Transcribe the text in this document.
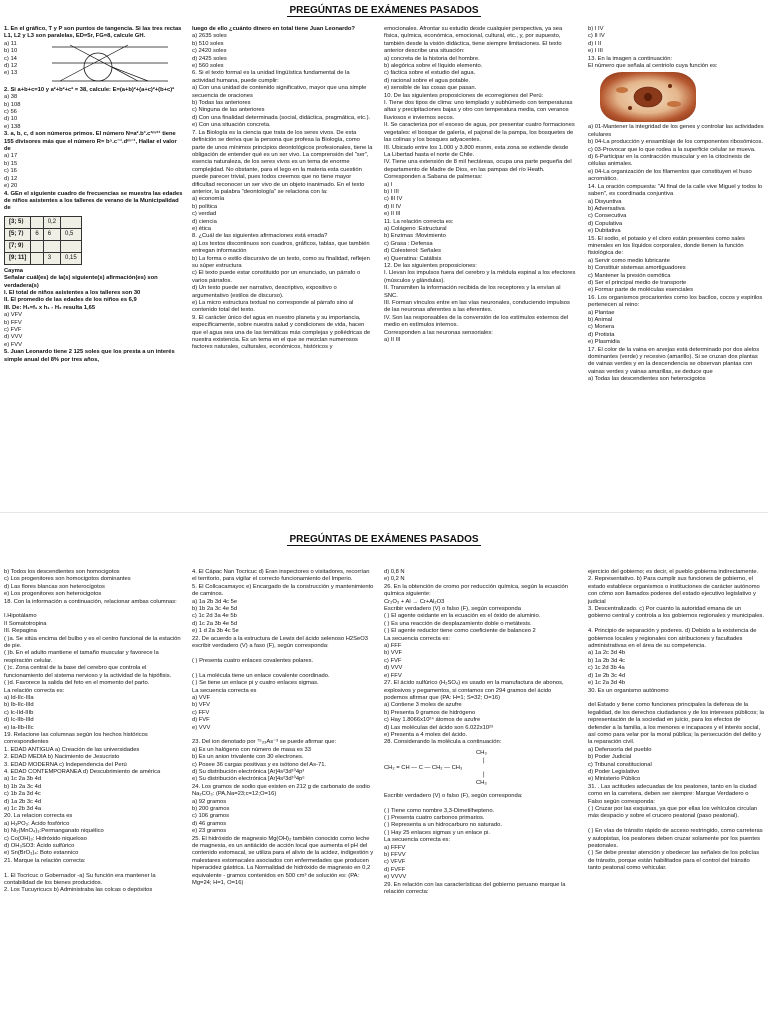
PREGÚNTAS DE EXÁMENES PASADOS

1. En el gráfico, T y P son puntos de tangencia. Si las tres rectas L1, L2 y L3 son paralelas, ED=5r, FG=8, calcule GH.

a) 11

b) 10

c) 14

d) 12

e) 13

2. Si a+b+c=10 y a²+b²+c² = 38, calcule: E=(a+b)²+(a+c)²+(b+c)²

a) 38

b) 108

c) 56

d) 10

e) 138

3. a, b, c, d son números primos. El número N=a².b³.c³ᵐ⁺¹ tiene 155 divisores más que el número R= b⁵.c⁻¹.dᵐ⁻¹, Hallar el valor de

a) 17

b) 15

c) 16

d) 12

e) 20

4. GEn el siguiente cuadro de frecuencias se muestra las edades de niños asistentes a los talleres de verano de la Municipalidad de

[3; 5⟩		0,2	
[5; 7⟩	6	6	0,5
[7; 9⟩			
[9; 11]		3	0,15

Cayma

Señalar cuál(es) de la(s) siguiente(s) afirmación(es) son verdadera(s)

I. El total de niños asistentes a los talleres son 30

II. El promedio de las edades de los niños es 6,9

III. De: H₁=f₁ x h₁ - H₂ resulta 1,65

a) VFV

b) FFV

c) FVF

d) VVV

e) FVV

5. Juan Leonardo tiene 2 125 soles que los presta a un interés simple anual del 8% por tres años,

luego de ello ¿cuánto dinero en total tiene Juan Leonardo?

a) 2635 soles

b) 510 soles

c) 2420 soles

d) 2425 soles

e) 560 soles

6. Si el texto formal es la unidad lingüística fundamental de la actividad humana, puede cumplir:

a) Con una unidad de contenido significativo, mayor que una simple secuencia de oraciones

b) Todas las anteriores

c) Ninguna de las anteriores

d) Con una finalidad determinada (social, didáctica, pragmática, etc.).

e) Con una situación concreta.

7. La Biología es la ciencia que trata de los seres vivos. De esta definición se deriva que la persona que profesa la Biología, como parte de unos mínimos principios deontológicos profesionales, tiene la obligación de entender qué es un ser vivo. La comprensión del "ser", esencia naturaleza, de los seres vivos es un tema de enorme complejidad. No obstante, para el lego en la materia esta cuestión puede parecer trivial, pues todos creemos que no tiene mayor dificultad reconocer un ser vivo de un objeto inanimado. En el texto anterior, la palabra "deontología" se relaciona con la:

a) economía

b) política

c) verdad

d) ciencia

e) ética

8. ¿Cuál de las siguientes afirmaciones está errada?

a) Los textos discontinuos son cuadros, gráficos, tablas, que también entregan información

b) La forma o estilo discursivo de un texto, como su finalidad, reflejen su súper estructura

c) El texto puede estar constituido por un enunciado, un párrafo o varios párrafos.

d) Un texto puede ser narrativo, descriptivo, expositivo o argumentativo (estilos de discurso).

e) La micro estructura textual no corresponde al párrafo sino al contenido total del texto.

9. El carácter único del agua en nuestro planeta y su importancia, específicamente, sobre nuestra salud y condiciones de vida, hacen que el agua sea una de las temáticas más complejas y poliédricas de nuestra existencia. Es un tema en el que se mezclan numerosos factores naturales, culturales, económicos, históricos y

emocionales. Afrontar su estudio desde cualquier perspectiva, ya sea física, química, económica, emocional, cultural, etc., y, por supuesto, también desde la visión didáctica, tiene siempre limitaciones. El texto anterior describe una situación:

a) concreta de la historia del hombre.

b) alegórica sobre el líquido elemento.

c) fáctica sobre el estudio del agua.

d) racional sobre el agua potable.

e) sensible de las cosas que pasan.

10. De las siguientes proposiciones de ecorregiones del Perú:

I. Tiene dos tipos de clima: uno templado y subhúmedo con temperaturas altas y precipitaciones bajas y otro con temperatura media, con veranos lluviosos e inviernos secos.

II. Se caracteriza por el exceso de agua, por presentar cuatro formaciones vegetales: el bosque de galería, el pajonal de la pampa, los bosquetes de las colinas y los bosques adyacentes.

III. Ubicado entre los 1.000 y 3.800 msnm, esta zona se extiende desde La Libertad hasta el norte de Chile.

IV. Tiene una extensión de 8 mil hectáreas, ocupa una parte pequeña del departamento de Madre de Dios, en las pampas del río Heath.

Corresponden a Sabana de palmeras:

a) I

b) I III

c) III IV

d) II IV

e) II III

11. La relación correcta es:

a) Colágeno :Estructural

b) Enzimas :Movimiento

c) Grasa : Defensa

d) Colesterol: Señales

e) Queratina: Catálisis

12. De las siguientes proposiciones:

I. Llevan los impulsos fuera del cerebro y la médula espinal a los efectores (músculos y glándulas).

II. Transmiten la información recibida de los receptores y la envían al SNC.

III. Forman vínculos entre en las vías neuronales, conduciendo impulsos de las neuronas aferentes a las eferentes.

IV. Son las responsables de la conversión de los estímulos externos del medio en estímulos internos.

Corresponden a las neuronas sensoriales:

a) II III

b) I IV

c) II IV

d) I II

e) I III

13. En la imagen a continuación:

El número que señala al centriolo cuya función es:

a) 01-Mantener la integridad de los genes y controlar las actividades celulares

b) 04-La producción y ensamblaje de los componentes ribosómicos.

c) 03-Provocar que lo que rodea a la superficie celular se mueva.

d) 6-Participar en la contracción muscular y en la citocinesis de células animales.

e) 04-La organización de los filamentos que constituyen el huso acromático.

14. La oración compuesta: "Al final de la calle vive Miguel y todos lo saben", es coordinada conjuntiva

a) Disyuntiva

b) Adversativa

c) Consecutiva

d) Copulativa

e) Dubitativa

15. El sodio, el potasio y el cloro están presentes como sales minerales en los líquidos corporales, donde tienen la función fisiológica de:

a) Servir como medio lubricante

b) Constituir sistemas amortiguadores

c) Mantener la presión osmótica

d) Ser el principal medio de transporte

e) Formar parte de moléculas esenciales

16. Los organismos procariontes como los bacilos, cocos y espirilos pertenecen al reino:

a) Plantae

b) Animal

c) Monera

d) Protista

e) Plasmidia

17. El color de la vaina en arvejas está determinado por dos alelos dominantes (verde) y recesivo (amarillo). Si se cruzan dos plantas de vainas verdes y en la descendencia se observan plantas con vainas verdes y vainas amarillas, se deduce que

a) Todas las descendientes son heterocigotos

PREGÚNTAS DE EXÁMENES PASADOS

b) Todos los descendientes son homocigotos

c) Los progenitores son homocigotos dominantes

d) Las flores blancas son heterocigotos

e) Los progenitores son heterocigotos

18. Con la información a continuación, relacionar ambas columnas:

I.Hipotálamo

II Somatotropina

III. Repagina

( )a. Se sitúa encima del bulbo y es el centro funcional de la estación de pie.

( )b. En el adulto mantiene el tamaño muscular y favorece la respiración celular.

( )c. Zona central de la base del cerebro que controla el funcionamiento del sistema nervioso y la actividad de la hipófisis.

( )d. Favorece la salida del feto en el momento del parto.

La relación correcta es:

a) Id-IIc-IIIa

b) Ib-IIc-IIId

c) Ic-IId-IIIb

d) Ic-IIb-IIId

e) Ia-IIb-IIIc

19. Relacione las columnas según los hechos históricos correspondientes

1. EDAD ANTIGUA a) Creación de las universidades

2. EDAD MEDIA b) Nacimiento de Jesucristo

3. EDAD MODERNA c) Independencia del Perú

4. EDAD CONTEMPORANEA d) Descubrimiento de américa

a) 1c 2a 3b 4d

b) 1b 2a 3c 4d

c) 1b 2a 3d 4c

d) 1a 2b 3c 4d

e) 1c 2b 3d 4a

20. La relacion correcta es

a) H₃PO₃: Ácido fosfórico

b) Ni₂(MnO₄)₃:Permanganato niquélico

c) Co(OH)₃: Hidróxido niqueloso

d) OH₃SO3: Ácido sulfúrico

e) Sn(BrO₃)₄: Boto estannico

21. Marque la relación correcta:

1. El Tocricuc o Gobernador -a) Su función era mantener la contabilidad de los bienes producidos.

2. Los Tucuyricucs b) Administraba las colcas o depósitos

4. El Cápac Ñan Tocricuc d) Eran inspectores o visitadores, recorrían el territorio, para vigilar el correcto funcionamiento del Imperio.

5. El Collcacamayoc e) Encargado de la construcción y mantenimiento de caminos.

a) 1a 2b 3d 4c 5e

b) 1b 2a 3c 4e 5d

c) 1c 2d 3a 4e 5b

d) 1c 2a 3b 4e 5d

e) 1 d 2a 3b 4c 5e

22. De acuerdo a la estructura de Lewis del ácido selenoso H2SeO3 escribir verdadero (V) a faso (F), según corresponda:

( ) Presenta cuatro enlaces covalentes polares.

( ) La molécula tiene un enlace covalente coordinado.

( ) Se tiene un enlace pi y cuatro enlaces sigmas.

La secuencia correcta es

a) VVF

b) VFV

c) FFV

d) FVF

e) VVV

23. Del ion denotado por ⁷⁵₃₃As⁻³ se puede afirmar que:

a) Es un halógeno con número de masa es 33

b) Es un anion trivalente con 30 electrones.

c) Posee 36 cargas positivas y es isótono del As-71.

d) Su distribución electrónica [Ar]4s²3d¹⁰4p³

e) Su distribución electrónica [Ar]4s²3d¹⁰4p⁶

24. Los gramos de sodio que existen en 212 g de carbonato de sodio Na₂CO₃: (PA,Na=23;c=12;O=16)

a) 92 gramos

b) 200 gramos

c) 106 gramos

d) 46 gramos

e) 23 gramos

25. El hidróxido de magnesio Mg(OH)₂ también conocido como leche de magnesia, es un antiácido de acción local que aumenta el pH del contenido estomacal, se utiliza para el alivio de la acidez, indigestión y malestares estomacales asociados con enfermedades que producen hiperacidez gástrica. La Normalidad de hidróxido de magnesio en 0,2 equivalente - gramos contenidos en 500 cm³ de solución es: (PA: Mg=24; H=1, O=16)

d) 0,8 N

e) 0,2 N

26. En la obtención de cromo por reducción química, según la ecuación química siguiente:

Cr₂O₃ + Al → Cr+Al₂O3

Escribir verdadero (V) o falso (F), según corresponda

( ) El agente oxidante en la ecuación es el óxido de aluminio.

( ) Es una reacción de desplazamiento doble o metátesis.

( ) El agente reductor tiene como coeficiente de balanceo 2

La secuencia correcta es:

a) FFF

b) VVF

c) FVF

d) VVV

e) FFV

27. El ácido sulfúrico (H₂SO₄) es usado en la manufactura de abonos, explosivos y pegamentos, si contamos con 294 gramos del ácido podemos afirmar que (PA: H=1; S=32; O=16)

a) Contiene 3 moles de azufre

b) Presenta 9 gramos de hidrógeno

c) Hay 1.8066x10²⁴ átomos de azufre

d) Las moléculas del ácido son 6.022x10²³

e) Presenta a 4 moles del ácido.

28. Considerando la molécula a continuación:

CH₃
|
CH₂ = CH — C — CH₂ — CH₃
|
CH₃

Escribir verdadero (V) o falso (F), según corresponda:

( ) Tiene como nombre 3,3-Dimetilhepteno.

( ) Presenta cuatro carbonos primarios.

( ) Representa a un hidrocarburo no saturado.

( ) Hay 25 enlaces sigmas y un enlace pi.

La secuencia correcta es:

a) FFFV

b) FFVV

c) VFVF

d) FVFF

e) VVVV

29. En relación con las características del gobierno peruano marque la relación correcta:

ejercicio del gobierno; es decir, el pueblo gobierna indirectamente.

2. Representativo. b) Para cumplir sus funciones de gobierno, el estado establece organismos o instituciones de carácter autónomo con cómo son llamados poderes del estado ejecutivo legislativo y judicial

3. Descentralizado. c) Por cuanto la autoridad emana de un gobierno central y controla a los gobiernos regionales y municipales.

4. Principio de separación y poderes. d) Debido a la existencia de gobiernos locales y regionales con atribuciones y facultades administrativas en el área de su competencia.

a) 1a 2c 3d 4b

b) 1a 2b 3d 4c

c) 1c 2d 3b 4a

d) 1e 2b 3c 4d

e) 1c 2a 3d 4b

30. Es un organismo autónomo

del Estado y tiene como funciones principales la defensa de la legalidad, de los derechos ciudadanos y de los intereses públicos; la representación de la sociedad en juicio, para los efectos de defender a la familia, a los menores e incapaces y el interés social, así como para velar por la moral pública; la persecución del delito y la reparación civil.

a) Defensoría del pueblo

b) Poder Judicial

c) Tribunal constitucional

d) Poder Legislativo

e) Ministerio Público

31. . Las actitudes adecuadas de los peatones, tanto en la ciudad como en la carretera, deben ser siempre: Marque Verdadero o Falso según corresponda:

( ) Cruzar por las esquinas, ya que por ellas los vehículos circulan más despacio y sobre el crucero peatonal (paso peatonal).

( ) En vías de tránsito rápido de acceso restringido, como carreteras y autopistas, los peatones deben cruzar solamente por los puentes peatonales.

( ) Se debe prestar atención y obedecer las señales de los policías de tránsito, porque están habilitados para el control del tránsito tanto peatonal como vehicular.
